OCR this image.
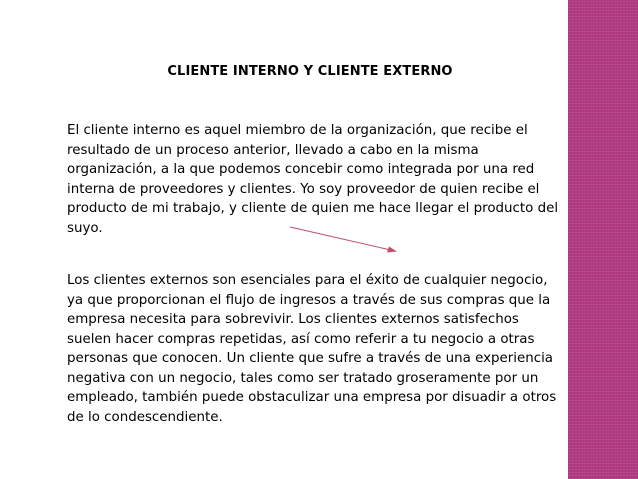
CLIENTE INTERNO Y CLIENTE EXTERNO

El cliente interno es aquel miembro de la organización, que recibe el resultado de un proceso anterior, llevado a cabo en la misma organización, a la que podemos concebir como integrada por una red interna de proveedores y clientes. Yo soy proveedor de quien recibe el producto de mi trabajo, y cliente de quien me hace llegar el producto del suyo.

Los clientes externos son esenciales para el éxito de cualquier negocio, ya que proporcionan el flujo de ingresos a través de sus compras que la empresa necesita para sobrevivir. Los clientes externos satisfechos suelen hacer compras repetidas, así como referir a tu negocio a otras personas que conocen. Un cliente que sufre a través de una experiencia negativa con un negocio, tales como ser tratado groseramente por un empleado, también puede obstaculizar una empresa por disuadir a otros de lo condescendiente.
